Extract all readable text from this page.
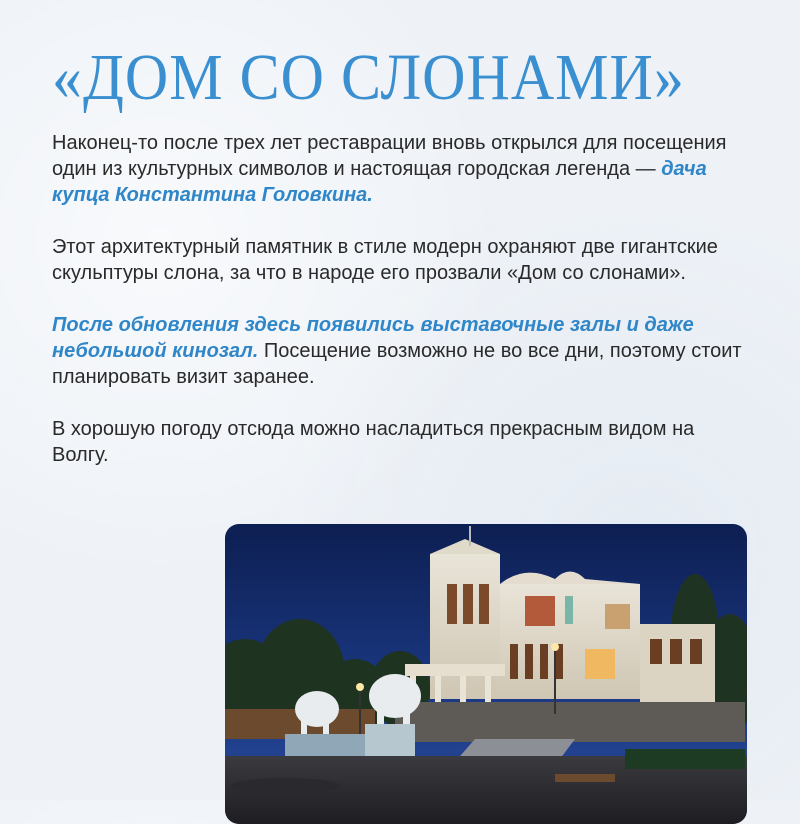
«ДОМ СО СЛОНАМИ»

Наконец-то после трех лет реставрации вновь открылся для посещения один из культурных символов и настоящая городская легенда — дача купца Константина Головкина.

Этот архитектурный памятник в стиле модерн охраняют две гигантские скульптуры слона, за что в народе его прозвали «Дом со слонами».

После обновления здесь появились выставочные залы и даже небольшой кинозал. Посещение возможно не во все дни, поэтому стоит планировать визит заранее.

В хорошую погоду отсюда можно насладиться прекрасным видом на Волгу.
